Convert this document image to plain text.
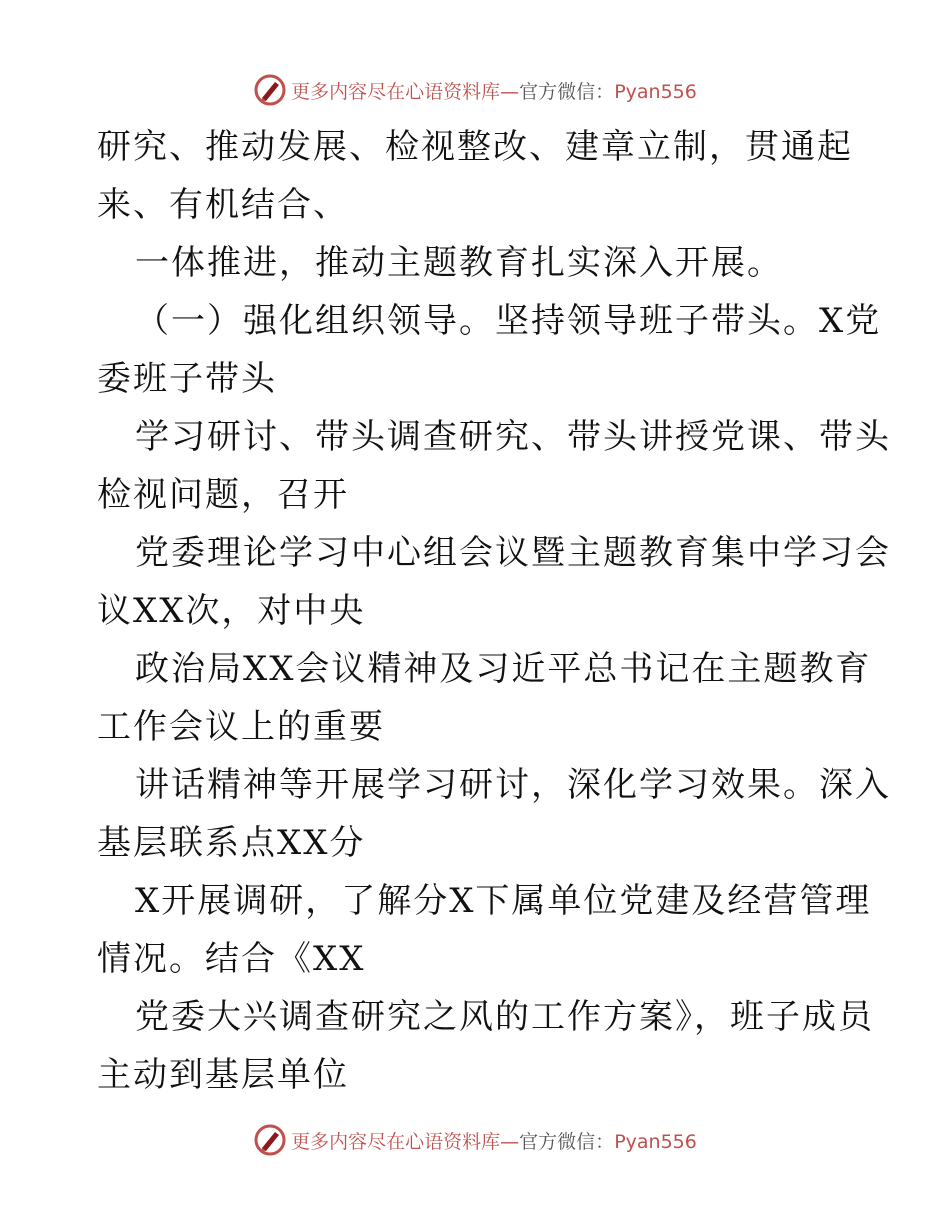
更多内容尽在心语资料库—官方微信：Pyan556
研究、推动发展、检视整改、建章立制，贯通起
来、有机结合、
一体推进，推动主题教育扎实深入开展。
（一）强化组织领导。坚持领导班子带头。X党
委班子带头
学习研讨、带头调查研究、带头讲授党课、带头
检视问题，召开
党委理论学习中心组会议暨主题教育集中学习会
议XX次，对中央
政治局XX会议精神及习近平总书记在主题教育
工作会议上的重要
讲话精神等开展学习研讨，深化学习效果。深入
基层联系点XX分
X开展调研，了解分X下属单位党建及经营管理
情况。结合《XX
党委大兴调查研究之风的工作方案》，班子成员
主动到基层单位
更多内容尽在心语资料库—官方微信：Pyan556
